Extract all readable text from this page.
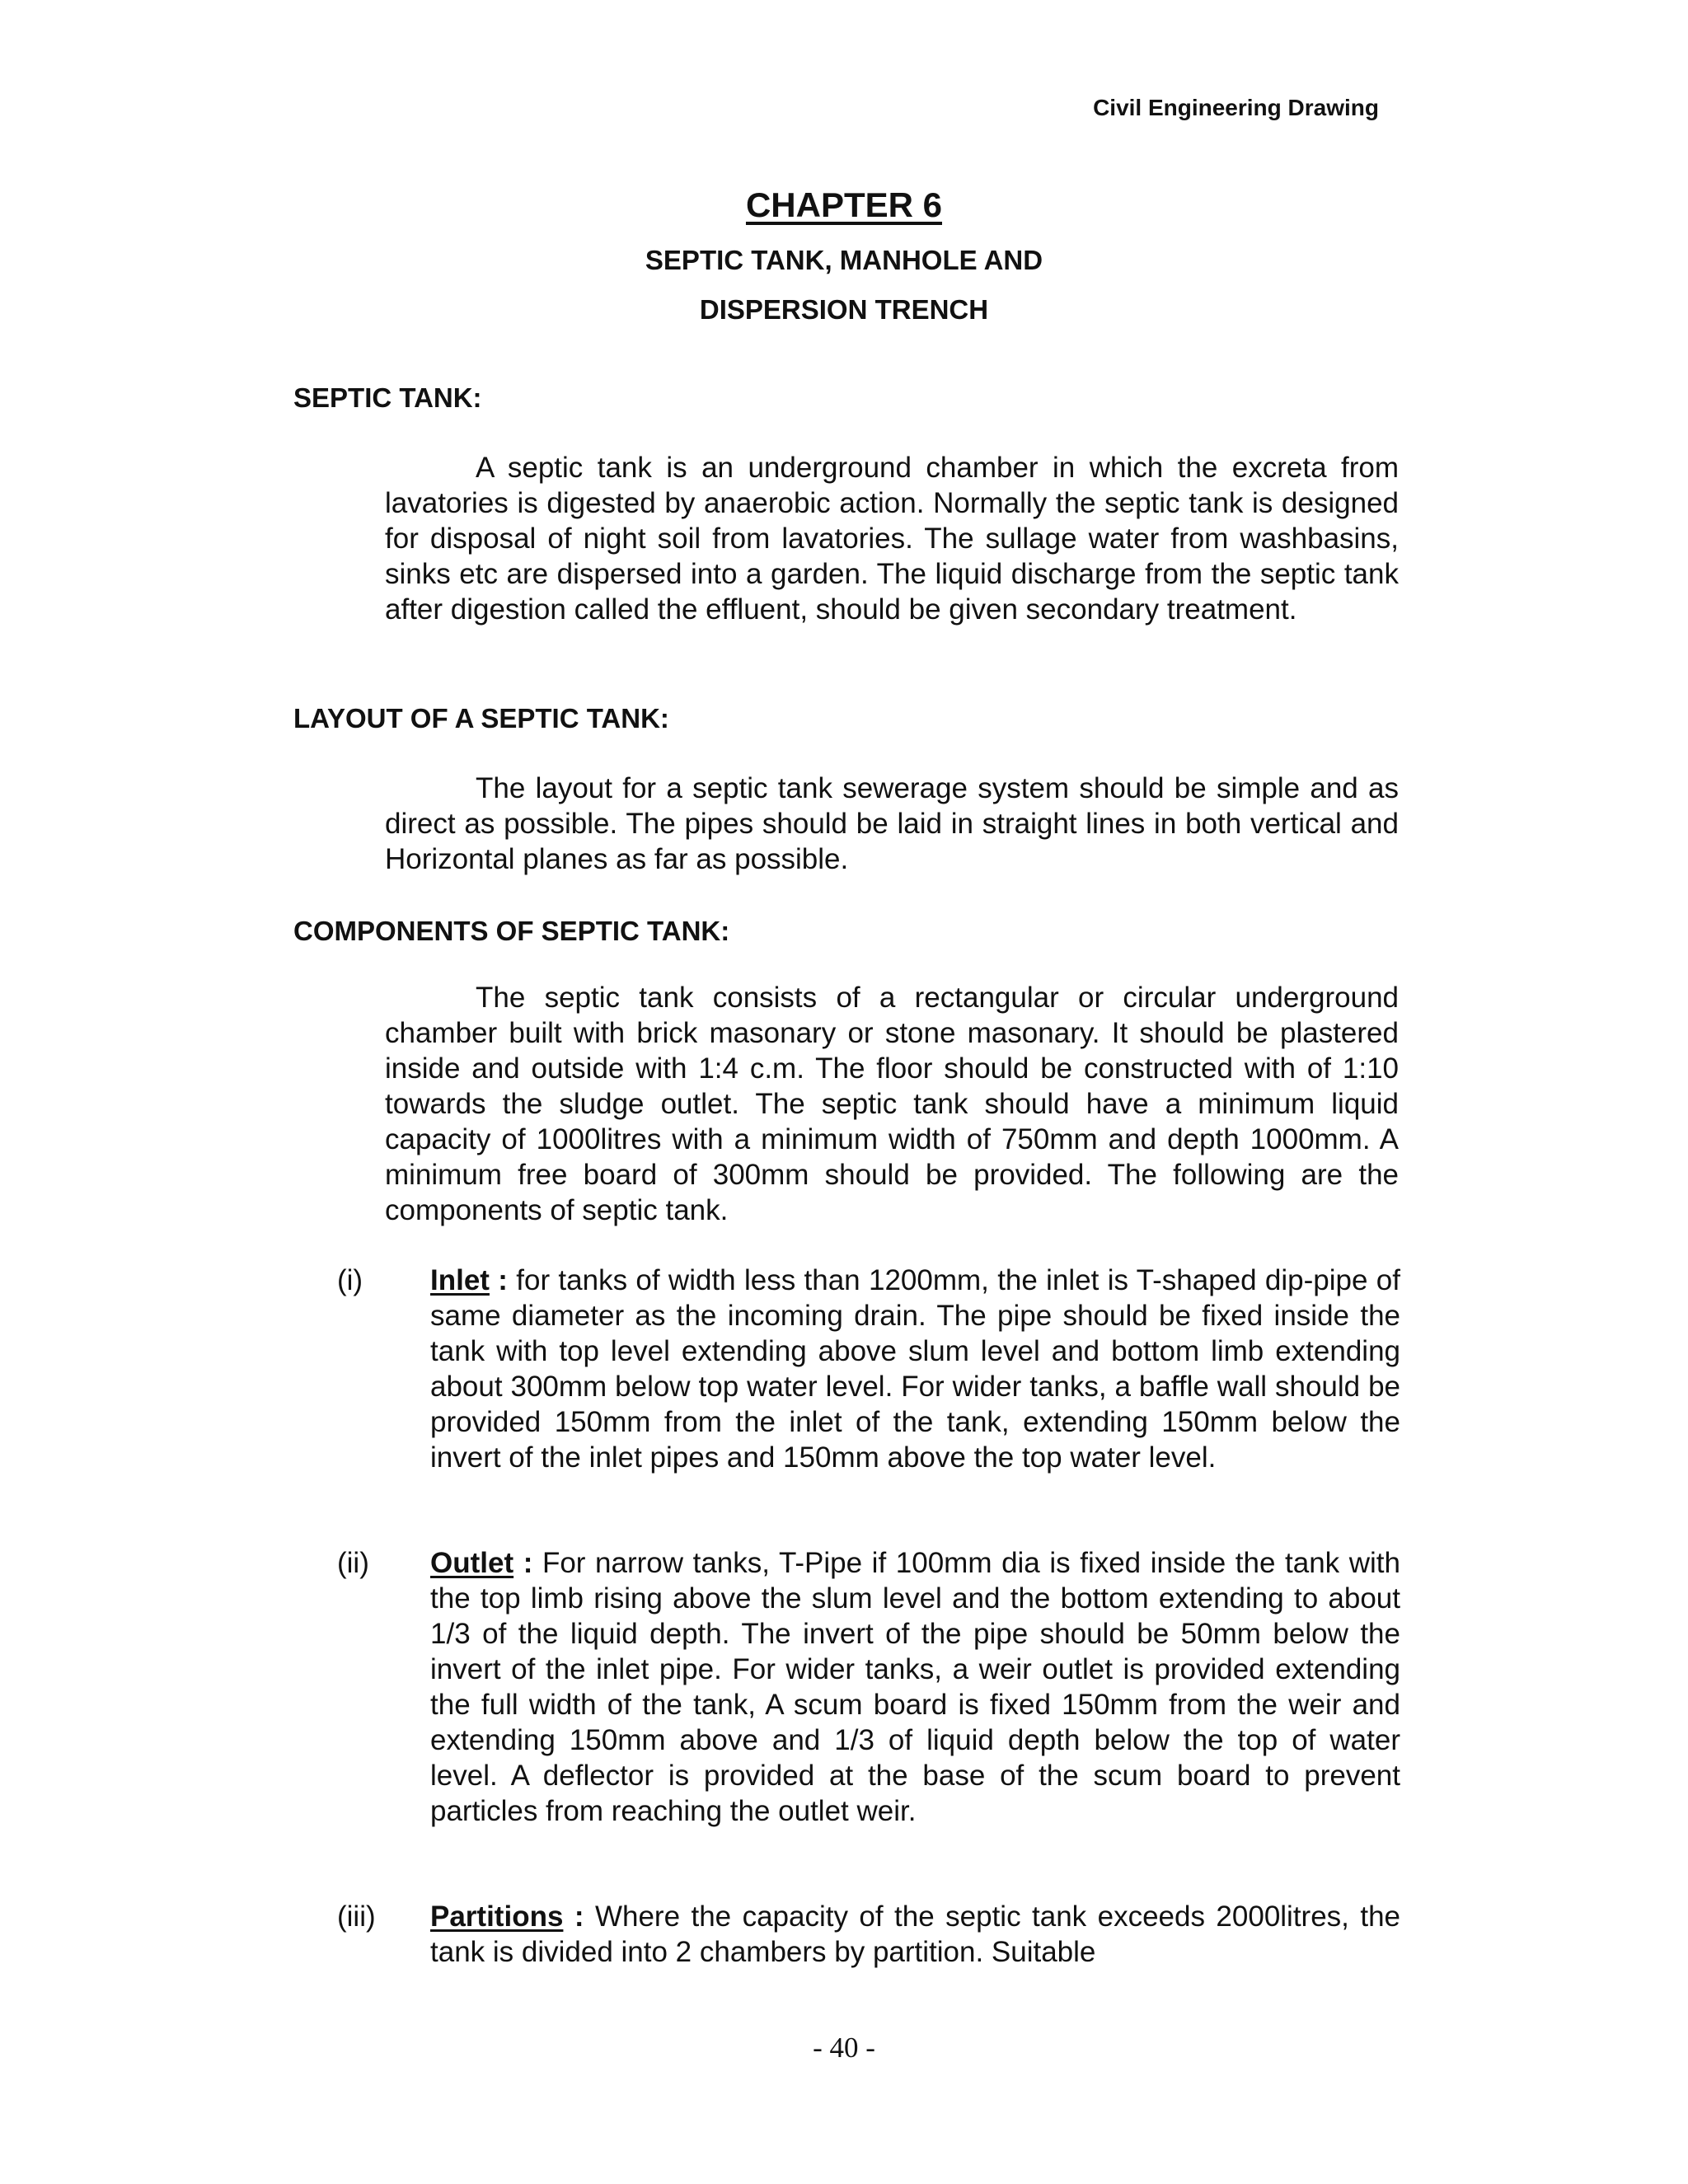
Civil Engineering Drawing
CHAPTER 6
SEPTIC TANK, MANHOLE AND
DISPERSION TRENCH
SEPTIC TANK:
A septic tank is an underground chamber in which the excreta from lavatories is digested by anaerobic action. Normally the septic tank is designed for disposal of night soil from lavatories. The sullage water from washbasins, sinks etc are dispersed into a garden. The liquid discharge from the septic tank after digestion called the effluent, should be given secondary treatment.
LAYOUT OF A SEPTIC TANK:
The layout for a septic tank sewerage system should be simple and as direct as possible. The pipes should be laid in straight lines in both vertical and Horizontal planes as far as possible.
COMPONENTS OF SEPTIC TANK:
The septic tank consists of a rectangular or circular underground chamber built with brick masonary or stone masonary. It should be plastered inside and outside with 1:4 c.m. The floor should be constructed with of 1:10 towards the sludge outlet. The septic tank should have a minimum liquid capacity of 1000litres with a minimum width of 750mm and depth 1000mm. A minimum free board of 300mm should be provided. The following are the components of septic tank.
(i) Inlet : for tanks of width less than 1200mm, the inlet is T-shaped dip-pipe of same diameter as the incoming drain. The pipe should be fixed inside the tank with top level extending above slum level and bottom limb extending about 300mm below top water level. For wider tanks, a baffle wall should be provided 150mm from the inlet of the tank, extending 150mm below the invert of the inlet pipes and 150mm above the top water level.
(ii) Outlet : For narrow tanks, T-Pipe if 100mm dia is fixed inside the tank with the top limb rising above the slum level and the bottom extending to about 1/3 of the liquid depth. The invert of the pipe should be 50mm below the invert of the inlet pipe. For wider tanks, a weir outlet is provided extending the full width of the tank, A scum board is fixed 150mm from the weir and extending 150mm above and 1/3 of liquid depth below the top of water level. A deflector is provided at the base of the scum board to prevent particles from reaching the outlet weir.
(iii) Partitions : Where the capacity of the septic tank exceeds 2000litres, the tank is divided into 2 chambers by partition. Suitable
- 40 -
